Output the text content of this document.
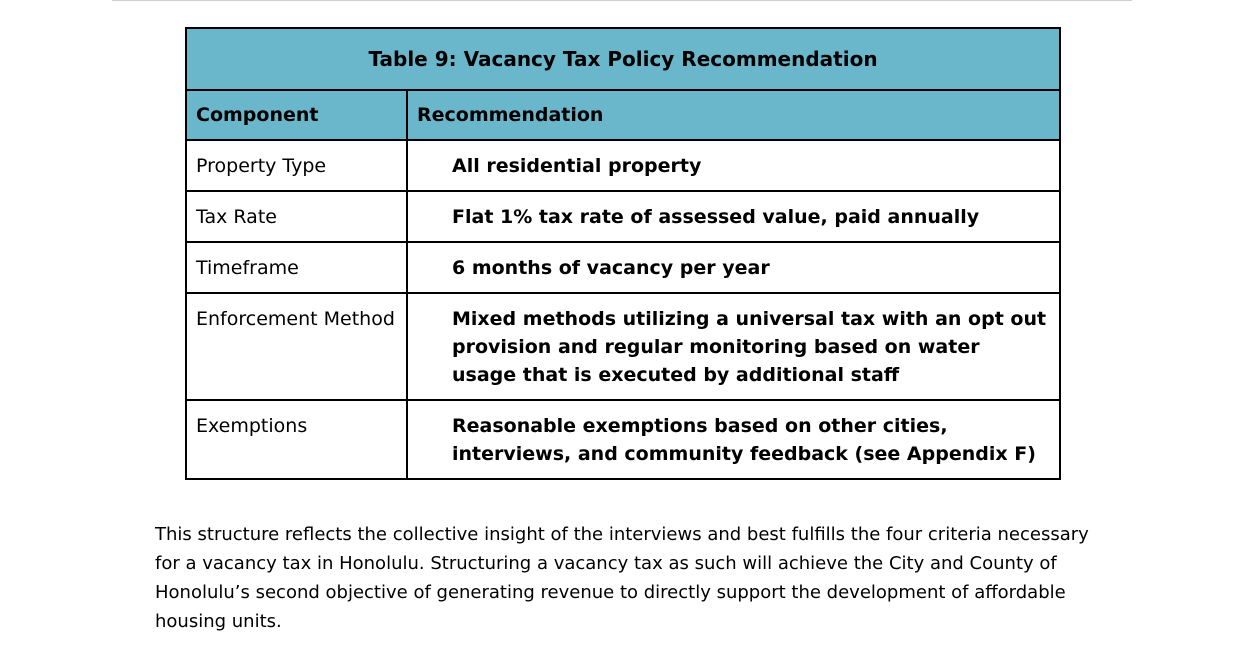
Table 9: Vacancy Tax Policy Recommendation	
Component	Recommendation
Property Type	All residential property
Tax Rate	Flat 1% tax rate of assessed value, paid annually
Timeframe	6 months of vacancy per year
Enforcement Method	Mixed methods utilizing a universal tax with an opt out provision and regular monitoring based on water usage that is executed by additional staff
Exemptions	Reasonable exemptions based on other cities, interviews, and community feedback (see Appendix F)

This structure reflects the collective insight of the interviews and best fulfills the four criteria necessary for a vacancy tax in Honolulu. Structuring a vacancy tax as such will achieve the City and County of Honolulu’s second objective of generating revenue to directly support the development of affordable housing units.
